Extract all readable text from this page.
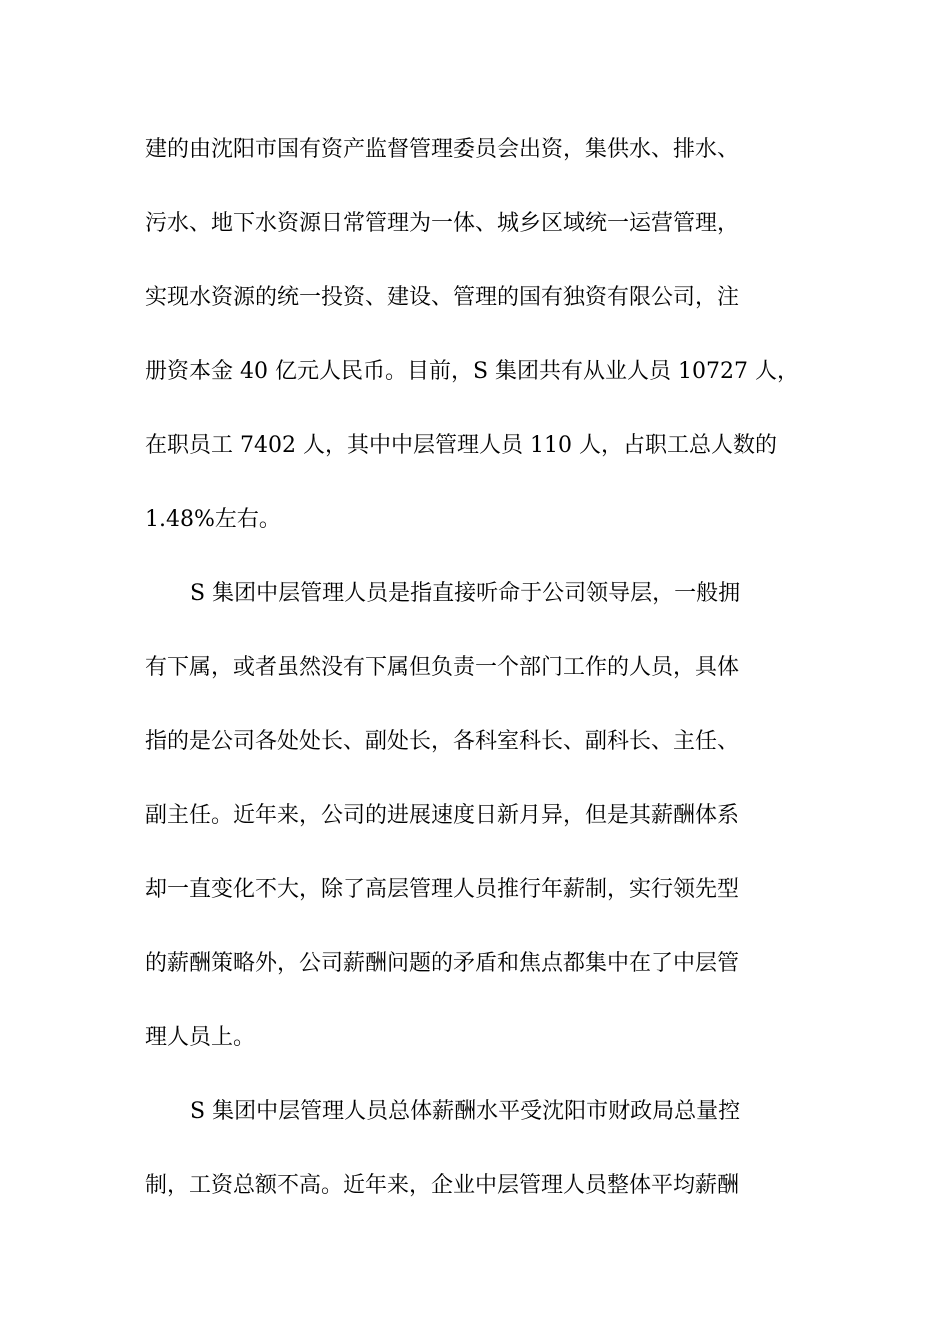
建的由沈阳市国有资产监督管理委员会出资，集供水、排水、
污水、地下水资源日常管理为一体、城乡区域统一运营管理，
实现水资源的统一投资、建设、管理的国有独资有限公司，注
册资本金 40 亿元人民币。目前，S 集团共有从业人员 10727 人，
在职员工 7402 人，其中中层管理人员 110 人，占职工总人数的
1.48%左右。
S 集团中层管理人员是指直接听命于公司领导层，一般拥
有下属，或者虽然没有下属但负责一个部门工作的人员，具体
指的是公司各处处长、副处长，各科室科长、副科长、主任、
副主任。近年来，公司的进展速度日新月异，但是其薪酬体系
却一直变化不大，除了高层管理人员推行年薪制，实行领先型
的薪酬策略外，公司薪酬问题的矛盾和焦点都集中在了中层管
理人员上。
S 集团中层管理人员总体薪酬水平受沈阳市财政局总量控
制，工资总额不高。近年来，企业中层管理人员整体平均薪酬
